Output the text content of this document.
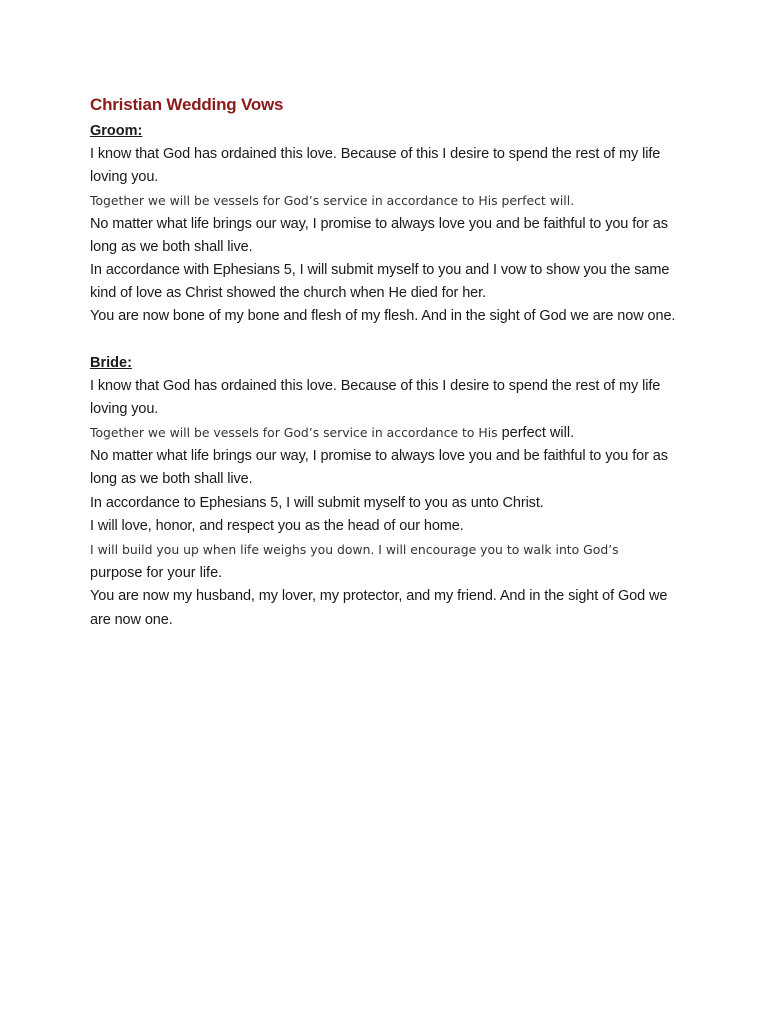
Christian Wedding Vows
Groom:

I know that God has ordained this love. Because of this I desire to spend the rest of my life loving you.

Together we will be vessels for God’s service in accordance to His perfect will.

No matter what life brings our way, I promise to always love you and be faithful to you for as long as we both shall live.

In accordance with Ephesians 5, I will submit myself to you and I vow to show you the same kind of love as Christ showed the church when He died for her.

You are now bone of my bone and flesh of my flesh. And in the sight of God we are now one.

Bride:

I know that God has ordained this love. Because of this I desire to spend the rest of my life loving you.

Together we will be vessels for God’s service in accordance to His perfect will.

No matter what life brings our way, I promise to always love you and be faithful to you for as long as we both shall live.

In accordance to Ephesians 5, I will submit myself to you as unto Christ.

I will love, honor, and respect you as the head of our home.

I will build you up when life weighs you down. I will encourage you to walk into God’s
purpose for your life.

You are now my husband, my lover, my protector, and my friend. And in the sight of God we are now one.
